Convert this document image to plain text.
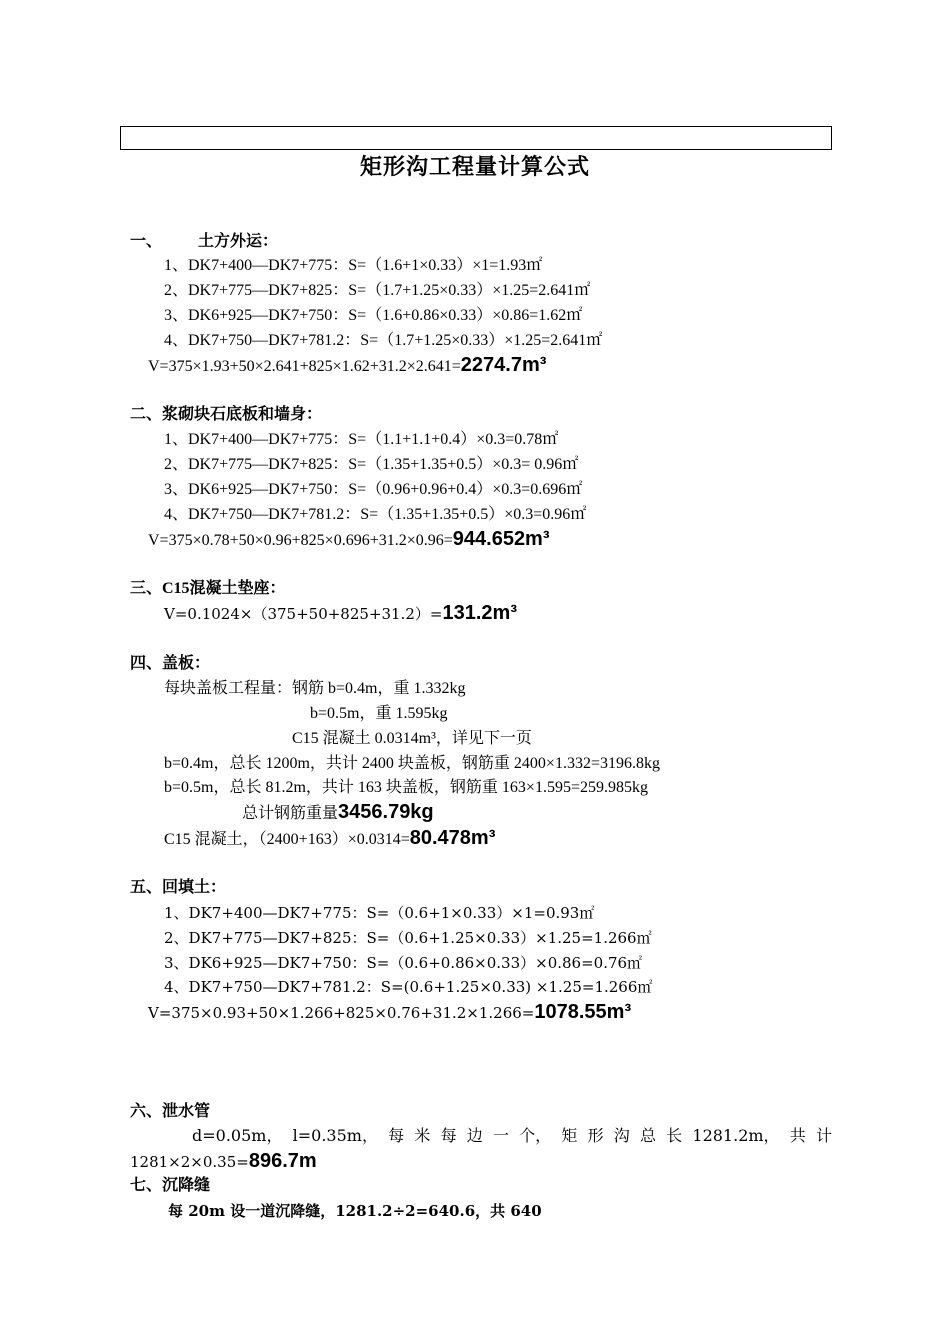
矩形沟工程量计算公式
一、 土方外运：
1、DK7+400—DK7+775：S=（1.6+1×0.33）×1=1.93㎡
2、DK7+775—DK7+825：S=（1.7+1.25×0.33）×1.25=2.641㎡
3、DK6+925—DK7+750：S=（1.6+0.86×0.33）×0.86=1.62㎡
4、DK7+750—DK7+781.2：S=（1.7+1.25×0.33）×1.25=2.641㎡
V=375×1.93+50×2.641+825×1.62+31.2×2.641=2274.7m³
二、浆砌块石底板和墙身：
1、DK7+400—DK7+775：S=（1.1+1.1+0.4）×0.3=0.78㎡
2、DK7+775—DK7+825：S=（1.35+1.35+0.5）×0.3= 0.96㎡
3、DK6+925—DK7+750：S=（0.96+0.96+0.4）×0.3=0.696㎡
4、DK7+750—DK7+781.2：S=（1.35+1.35+0.5）×0.3=0.96㎡
V=375×0.78+50×0.96+825×0.696+31.2×0.96=944.652m³
三、C15混凝土垫座：
V=0.1024×（375+50+825+31.2）=131.2m³
四、盖板：
每块盖板工程量：钢筋 b=0.4m，重 1.332kg
b=0.5m，重 1.595kg
C15 混凝土 0.0314m³，详见下一页
b=0.4m，总长 1200m，共计 2400 块盖板，钢筋重 2400×1.332=3196.8kg
b=0.5m，总长 81.2m，共计 163 块盖板，钢筋重 163×1.595=259.985kg
总计钢筋重量3456.79kg
C15 混凝土，（2400+163）×0.0314=80.478m³
五、回填土：
1、DK7+400—DK7+775：S=（0.6+1×0.33）×1=0.93㎡
2、DK7+775—DK7+825：S=（0.6+1.25×0.33）×1.25=1.266㎡
3、DK6+925—DK7+750：S=（0.6+0.86×0.33）×0.86=0.76㎡
4、DK7+750—DK7+781.2：S=(0.6+1.25×0.33) ×1.25=1.266㎡
V=375×0.93+50×1.266+825×0.76+31.2×1.266=1078.55m³
六、泄水管
d=0.05m， l=0.35m， 每 米 每 边 一 个， 矩 形 沟 总 长 1281.2m， 共 计
1281×2×0.35=896.7m
七、沉降缝
每 20m 设一道沉降缝，1281.2÷2=640.6，共 640
